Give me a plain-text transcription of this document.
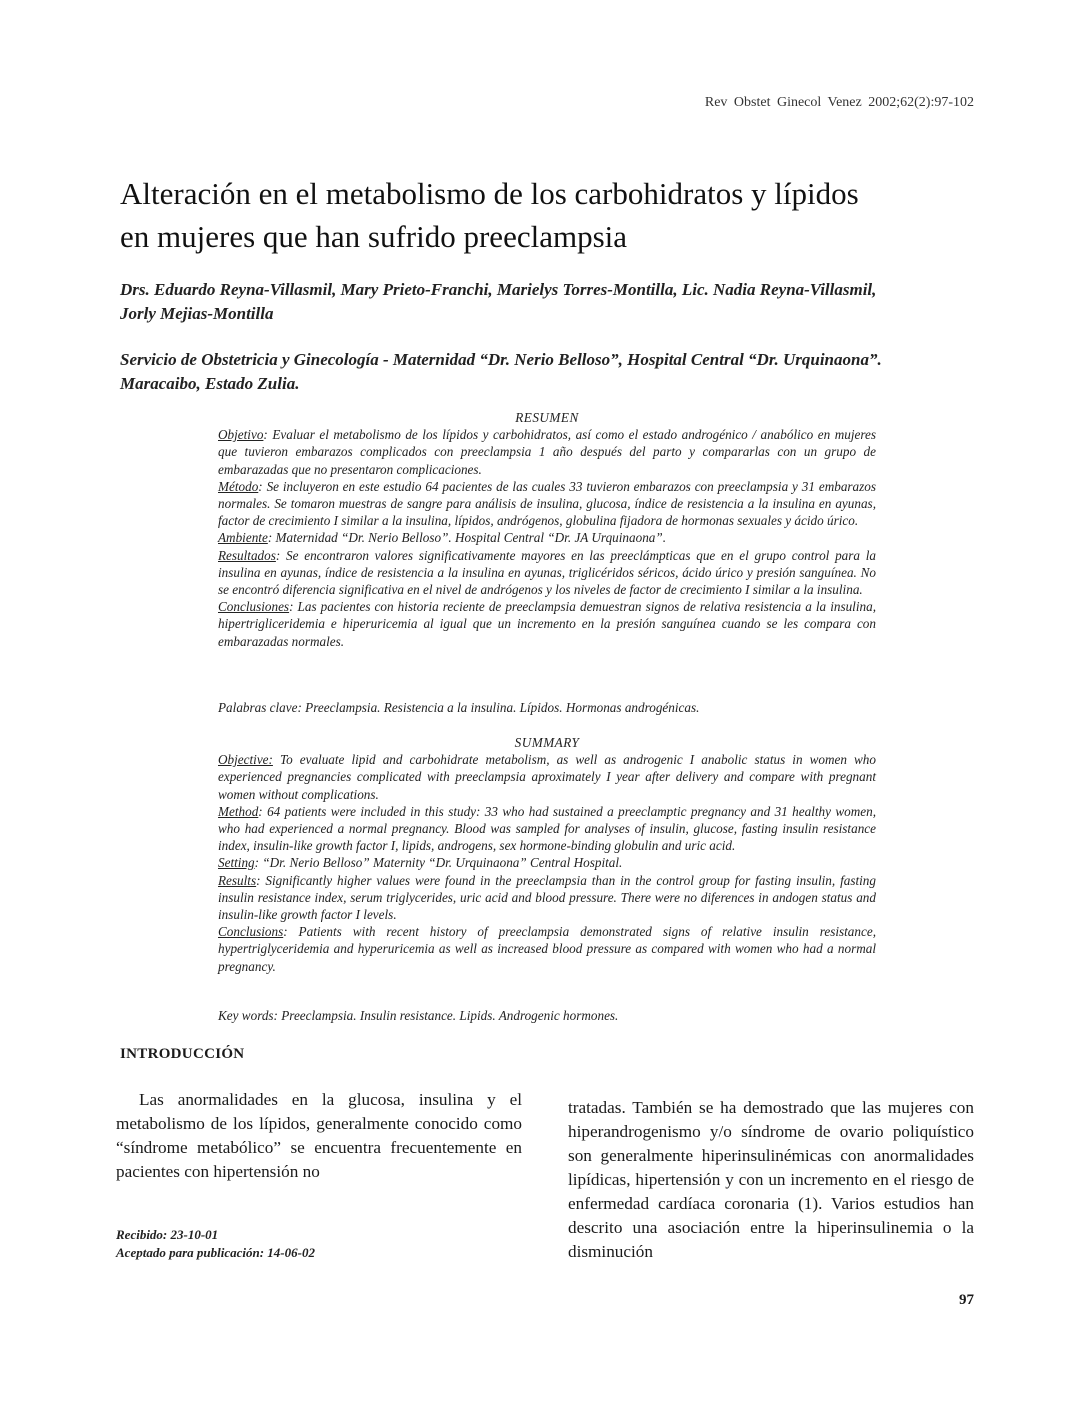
Rev Obstet Ginecol Venez 2002;62(2):97-102
Alteración en el metabolismo de los carbohidratos y lípidos
en mujeres que han sufrido preeclampsia
Drs. Eduardo Reyna-Villasmil, Mary Prieto-Franchi, Marielys Torres-Montilla, Lic. Nadia Reyna-Villasmil,
Jorly Mejias-Montilla
Servicio de Obstetricia y Ginecología - Maternidad “Dr. Nerio Belloso”, Hospital Central “Dr. Urquinaona”.
Maracaibo, Estado Zulia.
RESUMEN

Objetivo: Evaluar el metabolismo de los lípidos y carbohidratos, así como el estado androgénico / anabólico en mujeres que tuvieron embarazos complicados con preeclampsia 1 año después del parto y compararlas con un grupo de embarazadas que no presentaron complicaciones.

Método: Se incluyeron en este estudio 64 pacientes de las cuales 33 tuvieron embarazos con preeclampsia y 31 embarazos normales. Se tomaron muestras de sangre para análisis de insulina, glucosa, índice de resistencia a la insulina en ayunas, factor de crecimiento I similar a la insulina, lípidos, andrógenos, globulina fijadora de hormonas sexuales y ácido úrico.

Ambiente: Maternidad “Dr. Nerio Belloso”. Hospital Central “Dr. JA Urquinaona”.

Resultados: Se encontraron valores significativamente mayores en las preeclámpticas que en el grupo control para la insulina en ayunas, índice de resistencia a la insulina en ayunas, triglicéridos séricos, ácido úrico y presión sanguínea. No se encontró diferencia significativa en el nivel de andrógenos y los niveles de factor de crecimiento I similar a la insulina.

Conclusiones: Las pacientes con historia reciente de preeclampsia demuestran signos de relativa resistencia a la insulina, hipertrigliceridemia e hiperuricemia al igual que un incremento en la presión sanguínea cuando se les compara con embarazadas normales.

Palabras clave: Preeclampsia. Resistencia a la insulina. Lípidos. Hormonas androgénicas.
SUMMARY

Objective: To evaluate lipid and carbohidrate metabolism, as well as androgenic I anabolic status in women who experienced pregnancies complicated with preeclampsia aproximately I year after delivery and compare with pregnant women without complications.

Method: 64 patients were included in this study: 33 who had sustained a preeclamptic pregnancy and 31 healthy women, who had experienced a normal pregnancy. Blood was sampled for analyses of insulin, glucose, fasting insulin resistance index, insulin-like growth factor I, lipids, androgens, sex hormone-binding globulin and uric acid.

Setting: “Dr. Nerio Belloso” Maternity “Dr. Urquinaona” Central Hospital.

Results: Significantly higher values were found in the preeclampsia than in the control group for fasting insulin, fasting insulin resistance index, serum triglycerides, uric acid and blood pressure. There were no diferences in andogen status and insulin-like growth factor I levels.

Conclusions: Patients with recent history of preeclampsia demonstrated signs of relative insulin resistance, hypertriglyceridemia and hyperuricemia as well as increased blood pressure as compared with women who had a normal pregnancy.

Key words: Preeclampsia. Insulin resistance. Lipids. Androgenic hormones.
INTRODUCCIÓN
Las anormalidades en la glucosa, insulina y el metabolismo de los lípidos, generalmente conocido como “síndrome metabólico” se encuentra frecuentemente en pacientes con hipertensión no
tratadas. También se ha demostrado que las mujeres con hiperandrogenismo y/o síndrome de ovario poliquístico son generalmente hiperinsulinémicas con anormalidades lipídicas, hipertensión y con un incremento en el riesgo de enfermedad cardíaca coronaria (1). Varios estudios han descrito una asociación entre la hiperinsulinemia o la disminución
Recibido: 23-10-01
Aceptado para publicación: 14-06-02
97
